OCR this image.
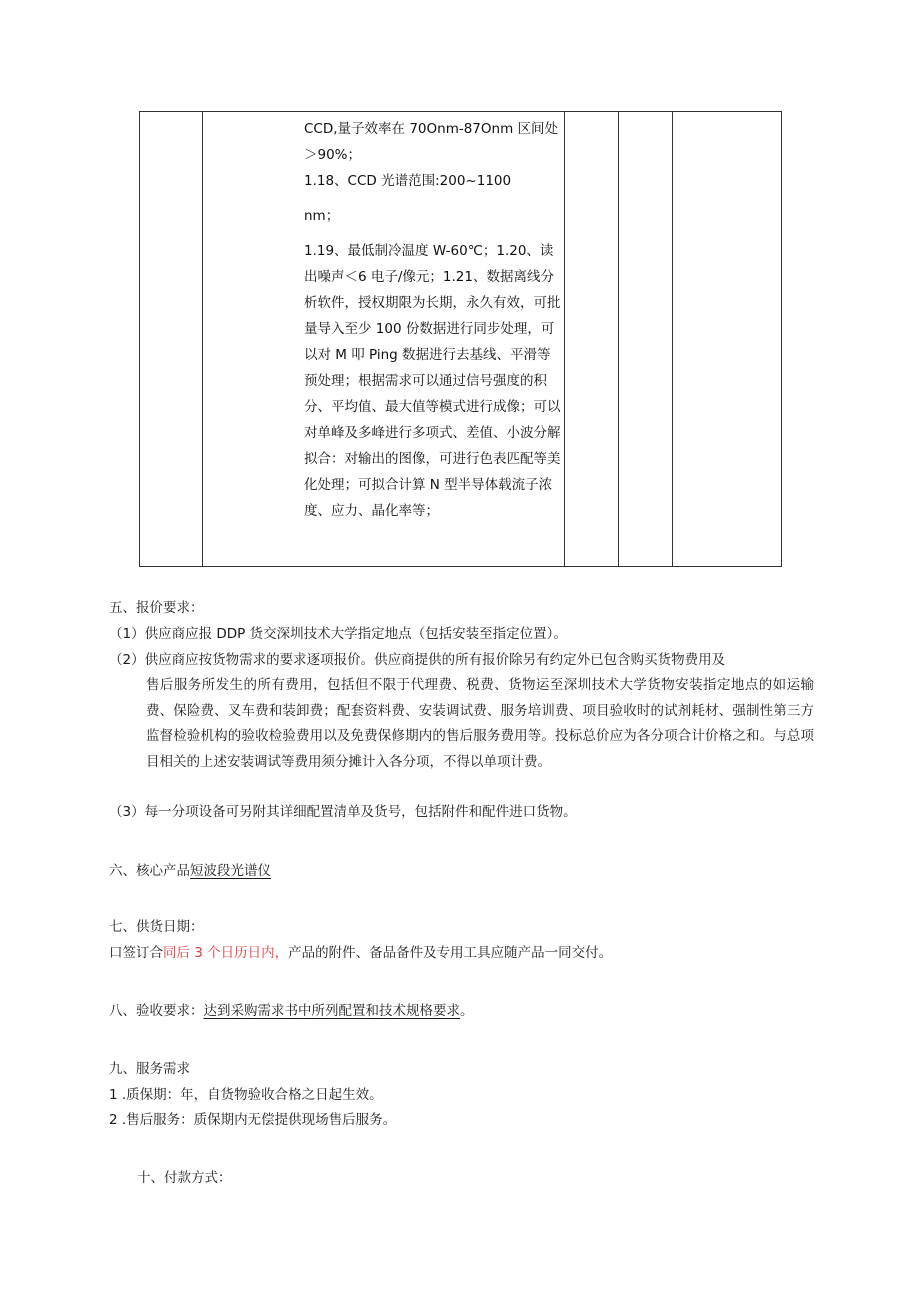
CCD,量子效率在 70Onm-87Onm 区间处＞90%；

1.18、CCD 光谱范围:200~1100

nm；

1.19、最低制冷温度 W-60℃；1.20、读出噪声＜6 电子/像元；1.21、数据离线分析软件，授权期限为长期，永久有效，可批量导入至少 100 份数据进行同步处理，可以对 M 叩 Ping 数据进行去基线、平滑等预处理；根据需求可以通过信号强度的积分、平均值、最大值等模式进行成像；可以对单峰及多峰进行多项式、差值、小波分解拟合：对输出的图像，可进行色表匹配等美化处理；可拟合计算 N 型半导体载流子浓度、应力、晶化率等；

五、报价要求：
（1）供应商应报 DDP 货交深圳技术大学指定地点（包括安装至指定位置）。
（2）供应商应按货物需求的要求逐项报价。供应商提供的所有报价除另有约定外已包含购买货物费用及
售后服务所发生的所有费用，包括但不限于代理费、税费、货物运至深圳技术大学货物安装指定地点的如运输费、保险费、叉车费和装卸费；配套资料费、安装调试费、服务培训费、项目验收时的试剂耗材、强制性第三方监督检验机构的验收检验费用以及免费保修期内的售后服务费用等。投标总价应为各分项合计价格之和。与总项目相关的上述安装调试等费用须分摊计入各分项，不得以单项计费。
（3）每一分项设备可另附其详细配置清单及货号，包括附件和配件进口货物。
六、核心产品短波段光谱仪
七、供货日期：
口签订合同后 3 个日历日内，产品的附件、备品备件及专用工具应随产品一同交付。
八、验收要求：达到采购需求书中所列配置和技术规格要求。
九、服务需求
1 .质保期：年，自货物验收合格之日起生效。
2 .售后服务：质保期内无偿提供现场售后服务。
十、付款方式：
